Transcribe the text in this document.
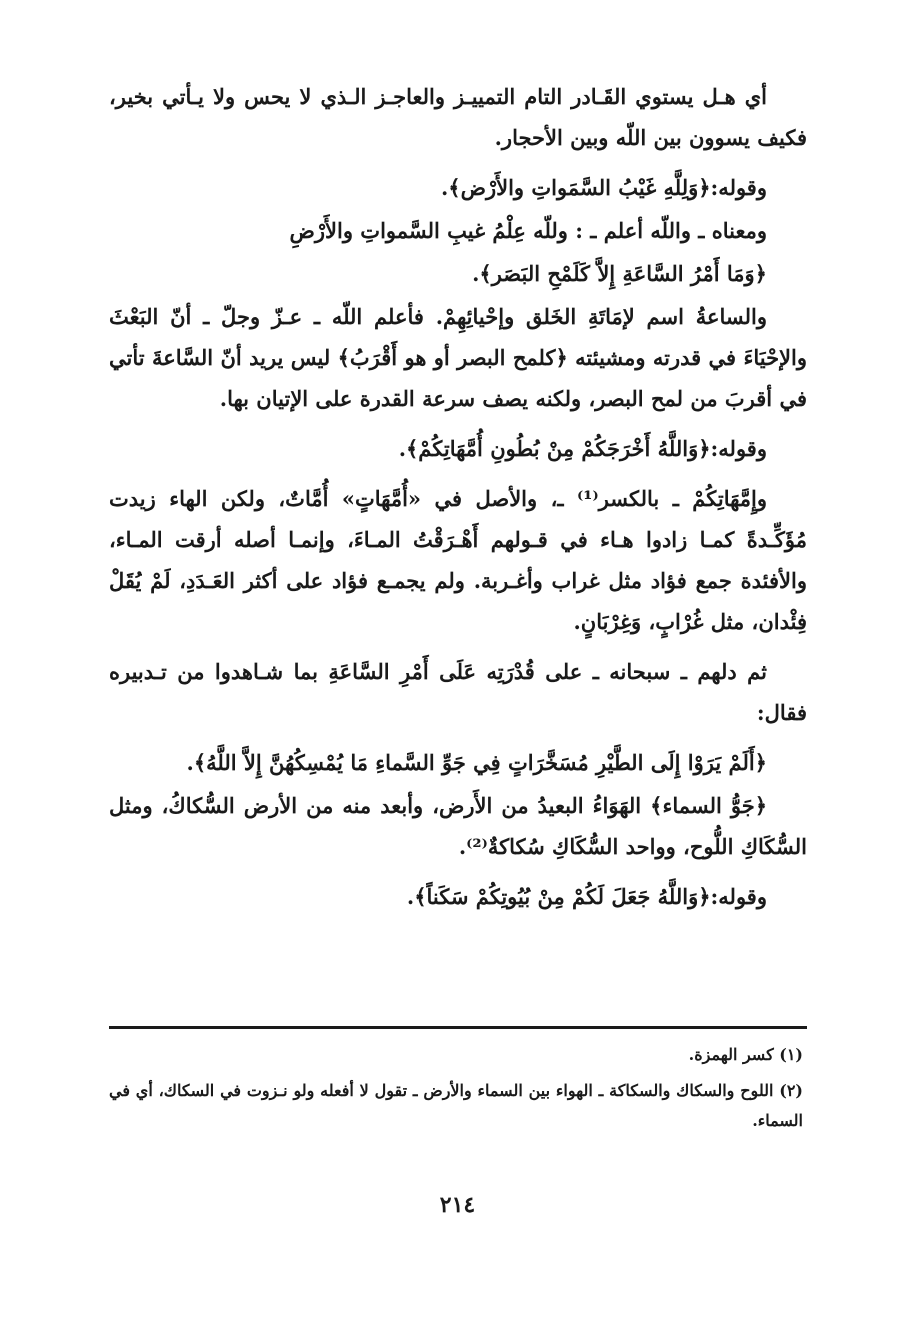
أي هـل يستوي القَـادر التام التمييـز والعاجـز الـذي لا يحس ولا يـأتي بخير، فكيف يسوون بين اللّه وبين الأحجار.

وقوله:﴿وَلِلَّهِ غَيْبُ السَّمَواتِ والأَرْض﴾.

ومعناه ـ واللّه أعلم ـ : وللّه عِلْمُ غيبِ السَّمواتِ والأَرْضِ

﴿وَمَا أَمْرُ السَّاعَةِ إِلاَّ كَلَمْحِ البَصَر﴾.

والساعةُ اسم لإمَاتَةِ الخَلق وإحْيائِهِمْ. فأعلم اللّه ـ عـزّ وجلّ ـ أنّ البَعْثَ والإحْيَاءَ في قدرته ومشيئته ﴿كلمح البصر أو هو أَقْرَبُ﴾ ليس يريد أنّ السَّاعةَ تأتي في أقربَ من لمح البصر، ولكنه يصف سرعة القدرة على الإتيان بها.

وقوله:﴿وَاللَّهُ أَخْرَجَكُمْ مِنْ بُطُونِ أُمَّهَاتِكُمْ﴾.

وإِمَّهَاتِكُمْ ـ بالكسر⁽¹⁾ ـ، والأصل في «أُمَّهَاتٍ» أُمَّاتٌ، ولكن الهاء زيدت مُؤَكِّـدةً كمـا زادوا هـاء في قـولهم أَهْـرَقْتُ المـاءَ، وإنمـا أصله أرقت المـاء، والأفئدة جمع فؤاد مثل غراب وأغـربة. ولم يجمـع فؤاد على أكثر العَـدَدِ، لَمْ يُقَلْ فِئْدان، مثل غُرْابٍ، وَغِرْبَانٍ.

ثم دلهم ـ سبحانه ـ على قُدْرَتِه عَلَى أَمْرِ السَّاعَةِ بما شـاهدوا من تـدبيره فقال:

﴿أَلَمْ يَرَوْا إِلَى الطَّيْرِ مُسَخَّرَاتٍ فِي جَوِّ السَّماءِ مَا يُمْسِكُهُنَّ إِلاَّ اللَّهُ﴾.

﴿جَوُّ السماء﴾ الهَوَاءُ البعيدُ من الأَرض، وأبعد منه من الأرض السُّكاكُ، ومثل السُّكَاكِ اللُّوح، وواحد السُّكَاكِ سُكاكةٌ⁽²⁾.

وقوله:﴿وَاللَّهُ جَعَلَ لَكُمْ مِنْ بُيُوتِكُمْ سَكَناً﴾.

(١) كسر الهمزة.

(٢) اللوح والسكاك والسكاكة ـ الهواء بين السماء والأرض ـ تقول لا أفعله ولو نـزوت في السكاك، أي في السماء.

٢١٤
